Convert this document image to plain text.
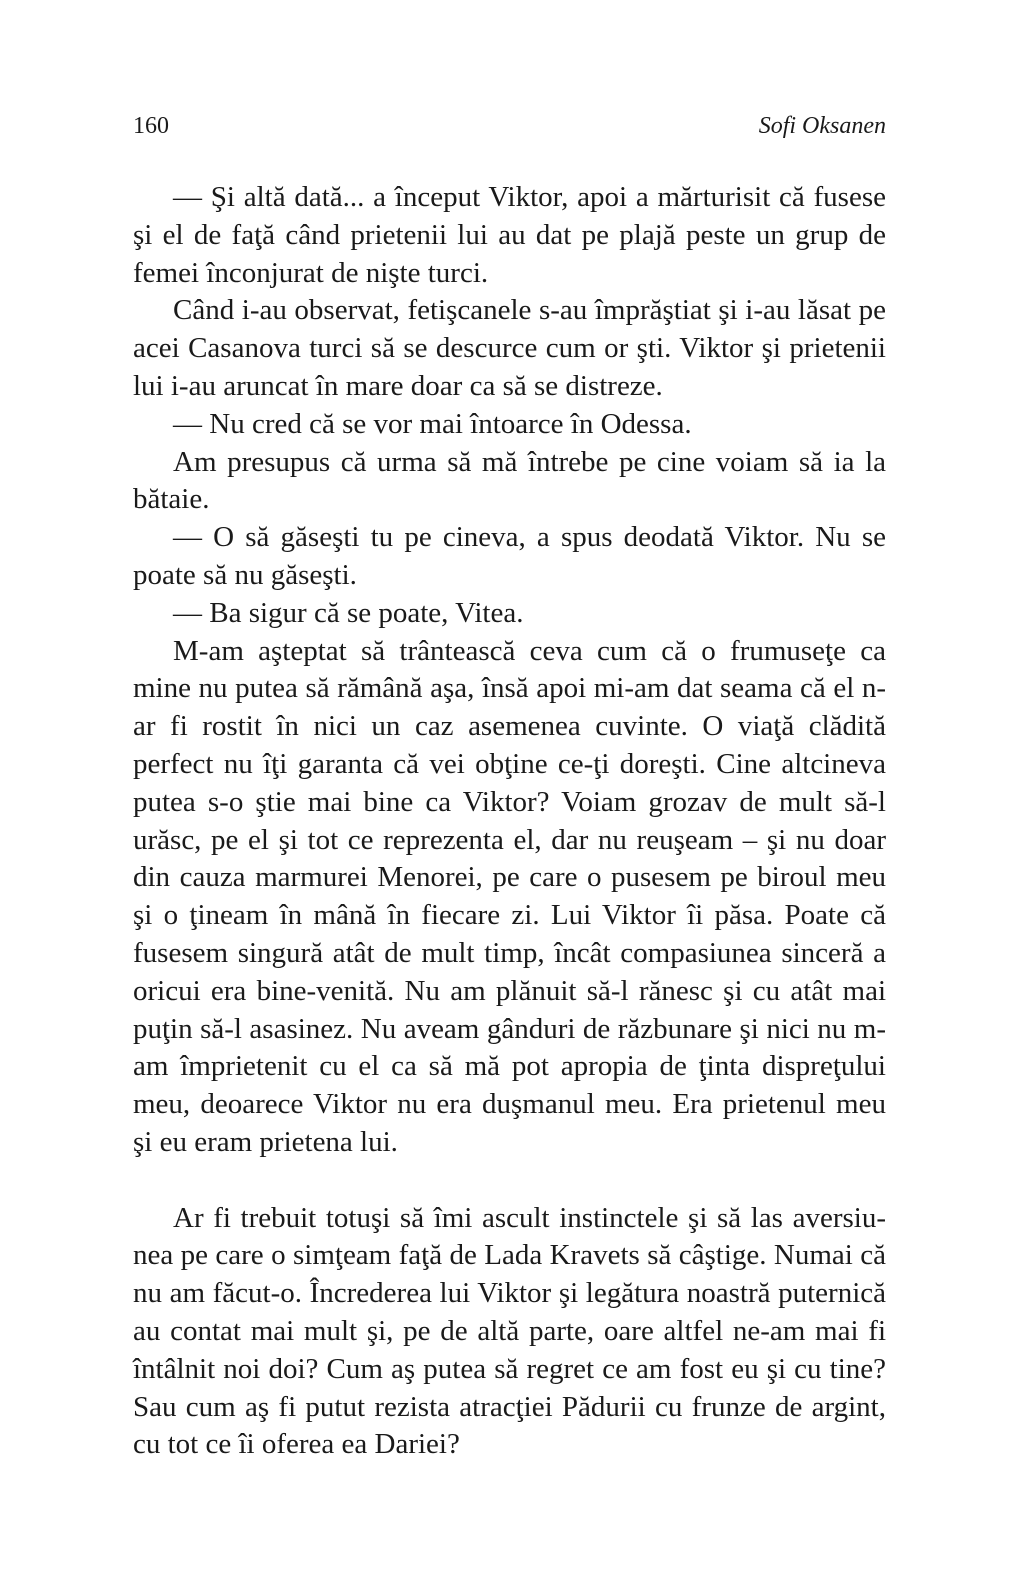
160	Sofi Oksanen

— Şi altă dată... a început Viktor, apoi a mărturisit că fusese şi el de faţă când prietenii lui au dat pe plajă peste un grup de femei înconjurat de nişte turci.

Când i-au observat, fetişcanele s-au împrăştiat şi i-au lăsat pe acei Casanova turci să se descurce cum or şti. Viktor şi prietenii lui i-au aruncat în mare doar ca să se distreze.

— Nu cred că se vor mai întoarce în Odessa.

Am presupus că urma să mă întrebe pe cine voiam să ia la bătaie.

— O să găseşti tu pe cineva, a spus deodată Viktor. Nu se poate să nu găseşti.

— Ba sigur că se poate, Vitea.

M-am aşteptat să trântească ceva cum că o frumuseţe ca mine nu putea să rămână aşa, însă apoi mi-am dat seama că el n-ar fi rostit în nici un caz asemenea cuvinte. O viaţă clădită perfect nu îţi garanta că vei obţine ce-ţi doreşti. Cine altcineva putea s-o ştie mai bine ca Viktor? Voiam grozav de mult să-l urăsc, pe el şi tot ce reprezenta el, dar nu reuşeam – şi nu doar din cauza marmurei Menorei, pe care o pusesem pe biroul meu şi o ţineam în mână în fiecare zi. Lui Viktor îi păsa. Poate că fusesem singură atât de mult timp, încât compasiunea sinceră a oricui era bine-venită. Nu am plănuit să-l rănesc şi cu atât mai puţin să-l asasinez. Nu aveam gânduri de răzbunare şi nici nu m-am împrietenit cu el ca să mă pot apropia de ţinta dispreţului meu, deoarece Viktor nu era duşmanul meu. Era prietenul meu şi eu eram prietena lui.

Ar fi trebuit totuşi să îmi ascult instinctele şi să las aversiunea pe care o simţeam faţă de Lada Kravets să câştige. Numai că nu am făcut-o. Încrederea lui Viktor şi legătura noastră puternică au contat mai mult şi, pe de altă parte, oare altfel ne-am mai fi întâlnit noi doi? Cum aş putea să regret ce am fost eu şi cu tine? Sau cum aş fi putut rezista atracţiei Pădurii cu frunze de argint, cu tot ce îi oferea ea Dariei?
